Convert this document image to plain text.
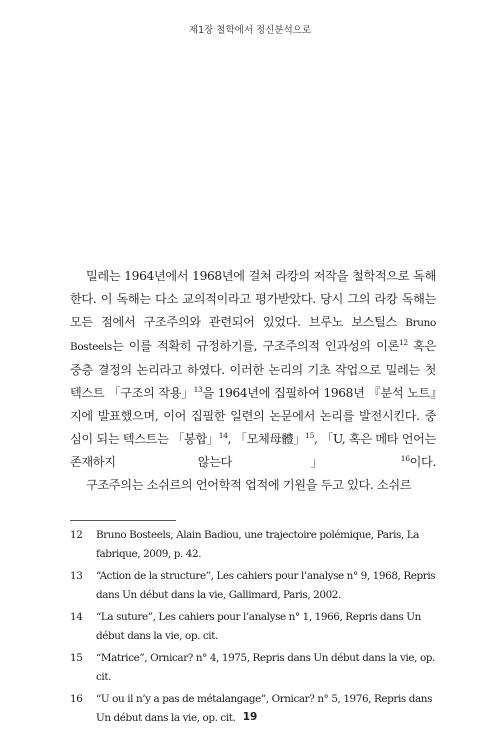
제1장 철학에서 정신분석으로

밀레는 1964년에서 1968년에 걸쳐 라캉의 저작을 철학적으로 독해한다. 이 독해는 다소 교의적이라고 평가받았다. 당시 그의 라캉 독해는 모든 점에서 구조주의와 관련되어 있었다. 브루노 보스틸스 Bruno Bosteels는 이를 적확히 규정하기를, 구조주의적 인과성의 이론$^{12}$ 혹은 중층 결정의 논리라고 하였다. 이러한 논리의 기초 작업으로 밀레는 첫 텍스트 「구조의 작용」$^{13}$을 1964년에 집필하여 1968년 『분석 노트』지에 발표했으며, 이어 집필한 일련의 논문에서 논리를 발전시킨다. 중심이 되는 텍스트는 「봉합」$^{14}$, 「모체母體」$^{15}$, 「U, 혹은 메타 언어는 존재하지 않는다」$^{16}$이다.

구조주의는 소쉬르의 언어학적 업적에 기원을 두고 있다. 소쉬르

12	Bruno Bosteels, Alain Badiou, une trajectoire polémique, Paris, La fabrique, 2009, p. 42.
13	“Action de la structure”, Les cahiers pour l’analyse n° 9, 1968, Repris dans Un début dans la vie, Gallimard, Paris, 2002.
14	“La suture”, Les cahiers pour l’analyse n° 1, 1966, Repris dans Un début dans la vie, op. cit.
15	“Matrice”, Ornicar? n° 4, 1975, Repris dans Un début dans la vie, op. cit.
16	“U ou il n’y a pas de métalangage”, Ornicar? n° 5, 1976, Repris dans Un début dans la vie, op. cit. 19
